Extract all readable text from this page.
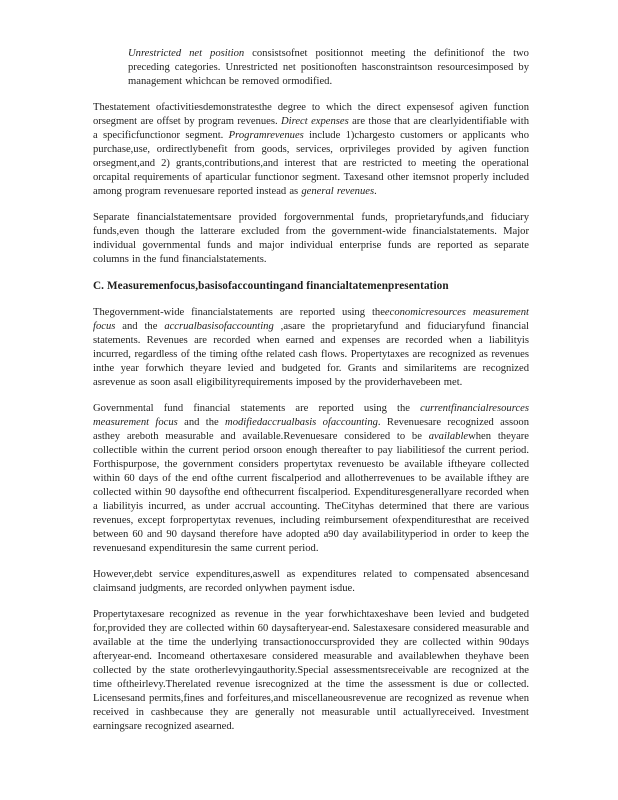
Unrestricted net position consistsofnet positionnot meeting the definitionof the two preceding categories. Unrestricted net positionoften hasconstraintson resourcesimposed by management whichcan be removed ormodified.

Thestatement ofactivitiesdemonstratesthe degree to which the direct expensesof agiven function orsegment are offset by program revenues. Direct expenses are those that are clearlyidentifiable with a specificfunctionor segment. Programrevenues include 1)chargesto customers or applicants who purchase,use, ordirectlybenefit from goods, services, orprivileges provided by agiven function orsegment,and 2) grants,contributions,and interest that are restricted to meeting the operational orcapital requirements of aparticular functionor segment. Taxesand other itemsnot properly included among program revenuesare reported instead as general revenues.

Separate financialstatementsare provided forgovernmental funds, proprietaryfunds,and fiduciary funds,even though the latterare excluded from the government-wide financialstatements. Major individual governmental funds and major individual enterprise funds are reported as separate columns in the fund financialstatements.

C. Measuremenfocus,basisofaccountingand financialtatemenpresentation

Thegovernment-wide financialstatements are reported using theeconomicresources measurement focus and the accrualbasisofaccounting ,asare the proprietaryfund and fiduciaryfund financial statements. Revenues are recorded when earned and expenses are recorded when a liabilityis incurred, regardless of the timing ofthe related cash flows. Propertytaxes are recognized as revenues inthe year forwhich theyare levied and budgeted for. Grants and similaritems are recognized asrevenue as soon asall eligibilityrequirements imposed by the providerhavebeen met.

Governmental fund financial statements are reported using the currentfinancialresources measurement focus and the modifiedaccrualbasis ofaccounting. Revenuesare recognized assoon asthey areboth measurable and available.Revenuesare considered to be availablewhen theyare collectible within the current period orsoon enough thereafter to pay liabilitiesof the current period. Forthispurpose, the government considers propertytax revenuesto be available iftheyare collected within 60 days of the end ofthe current fiscalperiod and allotherrevenues to be available ifthey are collected within 90 daysofthe end ofthecurrent fiscalperiod. Expendituresgenerallyare recorded when a liabilityis incurred, as under accrual accounting. TheCityhas determined that there are various revenues, except forpropertytax revenues, including reimbursement ofexpendituresthat are received between 60 and 90 daysand therefore have adopted a90 day availabilityperiod in order to keep the revenuesand expendituresin the same current period.

However,debt service expenditures,aswell as expenditures related to compensated absencesand claimsand judgments, are recorded onlywhen payment isdue.

Propertytaxesare recognized as revenue in the year forwhichtaxeshave been levied and budgeted for,provided they are collected within 60 daysafteryear-end. Salestaxesare considered measurable and available at the time the underlying transactionoccursprovided they are collected within 90days afteryear-end. Incomeand othertaxesare considered measurable and availablewhen theyhave been collected by the state orotherlevyingauthority.Special assessmentsreceivable are recognized at the time oftheirlevy.Therelated revenue isrecognized at the time the assessment is due or collected. Licensesand permits,fines and forfeitures,and miscellaneousrevenue are recognized as revenue when received in cashbecause they are generally not measurable until actuallyreceived. Investment earningsare recognized asearned.
